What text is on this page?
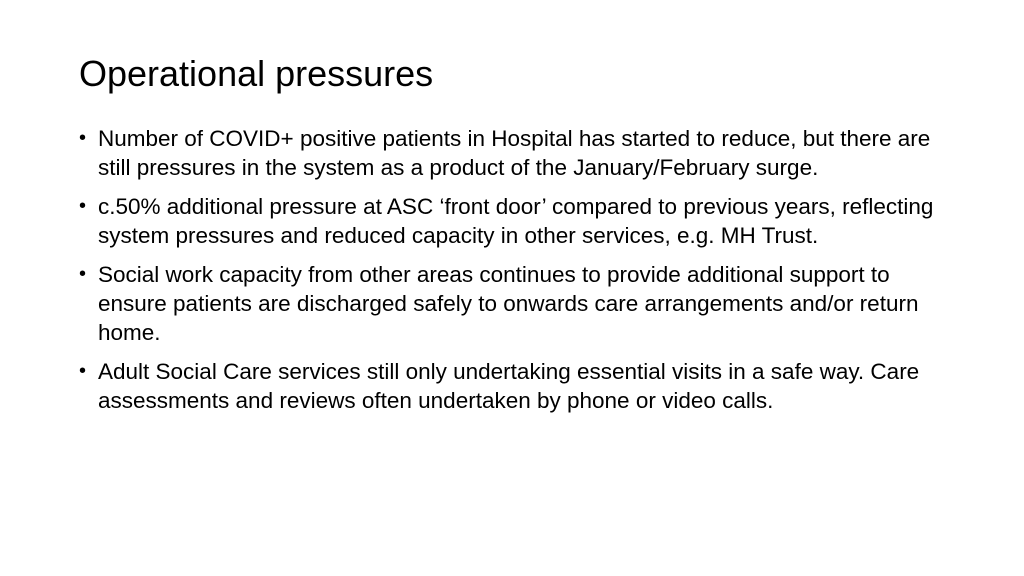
Operational pressures
• Number of COVID+ positive patients in Hospital has started to reduce, but there are still pressures in the system as a product of the January/February surge.
• c.50% additional pressure at ASC ‘front door’ compared to previous years, reflecting system pressures and reduced capacity in other services, e.g. MH Trust.
• Social work capacity from other areas continues to provide additional support to ensure patients are discharged safely to onwards care arrangements and/or return home.
• Adult Social Care services still only undertaking essential visits in a safe way. Care assessments and reviews often undertaken by phone or video calls.
